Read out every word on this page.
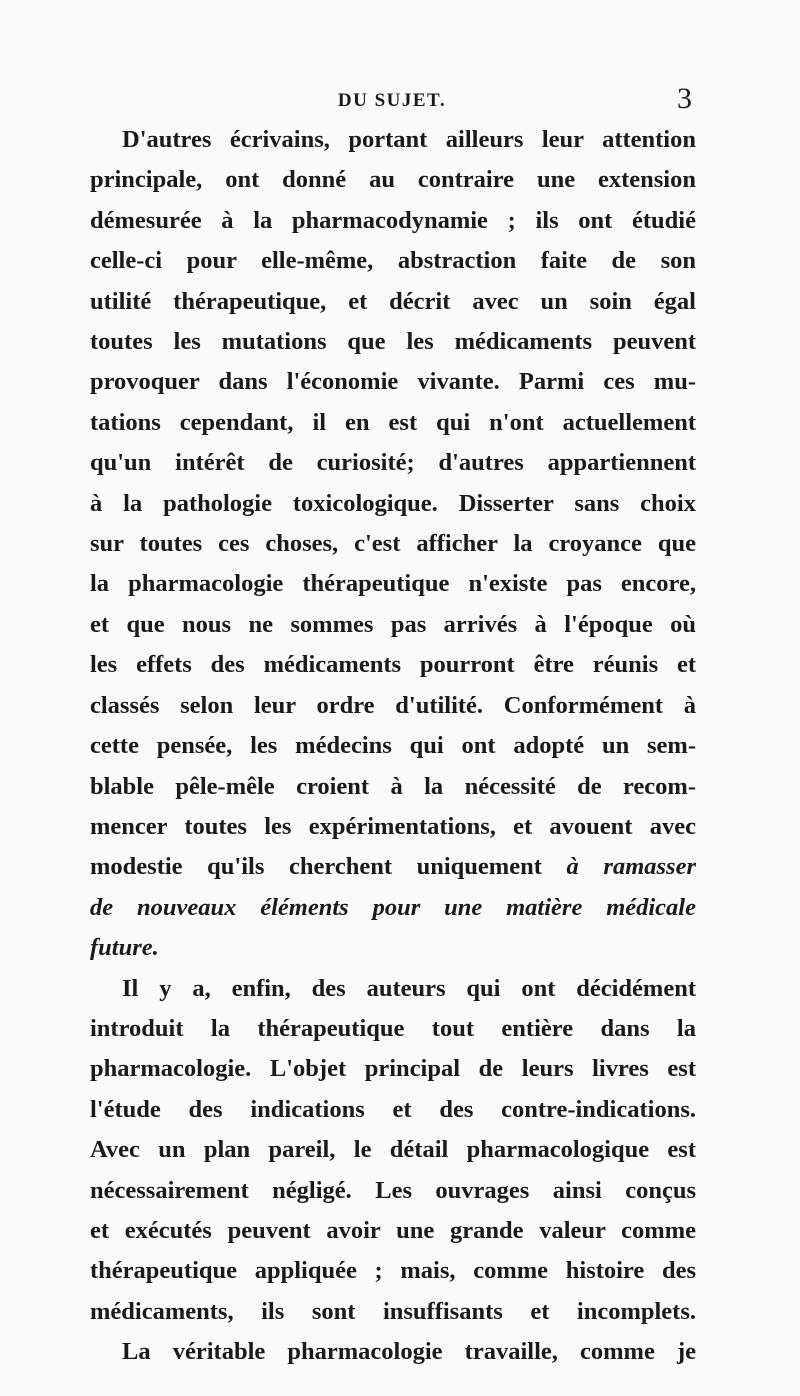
DU SUJET.	3
D'autres écrivains, portant ailleurs leur attention
principale, ont donné au contraire une extension
démesurée à la pharmacodynamie ; ils ont étudié
celle-ci pour elle-même, abstraction faite de son
utilité thérapeutique, et décrit avec un soin égal
toutes les mutations que les médicaments peuvent
provoquer dans l'économie vivante. Parmi ces mu-
tations cependant, il en est qui n'ont actuellement
qu'un intérêt de curiosité; d'autres appartiennent
à la pathologie toxicologique. Disserter sans choix
sur toutes ces choses, c'est afficher la croyance que
la pharmacologie thérapeutique n'existe pas encore,
et que nous ne sommes pas arrivés à l'époque où
les effets des médicaments pourront être réunis et
classés selon leur ordre d'utilité. Conformément à
cette pensée, les médecins qui ont adopté un sem-
blable pêle-mêle croient à la nécessité de recom-
mencer toutes les expérimentations, et avouent avec
modestie qu'ils cherchent uniquement à ramasser
de nouveaux éléments pour une matière médicale
future.
Il y a, enfin, des auteurs qui ont décidément
introduit la thérapeutique tout entière dans la
pharmacologie. L'objet principal de leurs livres est
l'étude des indications et des contre-indications.
Avec un plan pareil, le détail pharmacologique est
nécessairement négligé. Les ouvrages ainsi conçus
et exécutés peuvent avoir une grande valeur comme
thérapeutique appliquée ; mais, comme histoire des
médicaments, ils sont insuffisants et incomplets.
La véritable pharmacologie travaille, comme je
